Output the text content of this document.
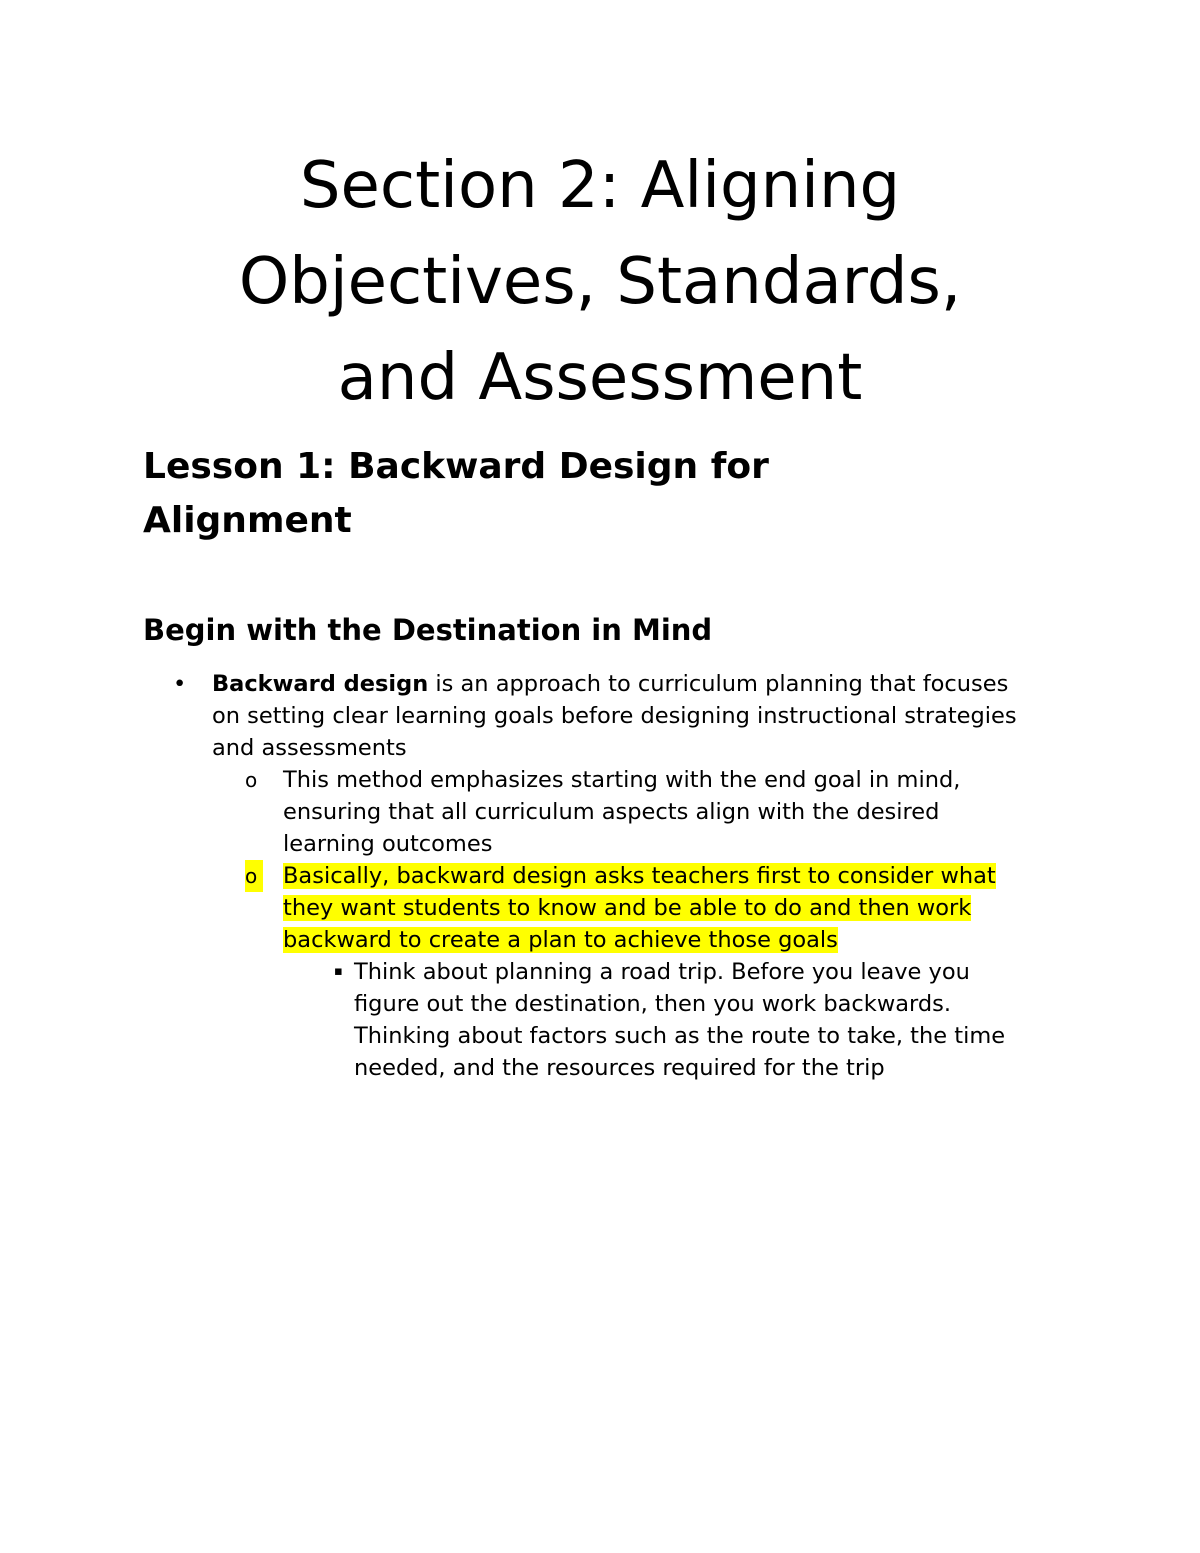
Section 2: Aligning
Objectives, Standards,
and Assessment
Lesson 1: Backward Design for
Alignment
Begin with the Destination in Mind

• Backward design is an approach to curriculum planning that focuses
on setting clear learning goals before designing instructional strategies
and assessments

o This method emphasizes starting with the end goal in mind,
ensuring that all curriculum aspects align with the desired
learning outcomes

o Basically, backward design asks teachers first to consider what
they want students to know and be able to do and then work
backward to create a plan to achieve those goals

▪ Think about planning a road trip. Before you leave you
figure out the destination, then you work backwards.
Thinking about factors such as the route to take, the time
needed, and the resources required for the trip
